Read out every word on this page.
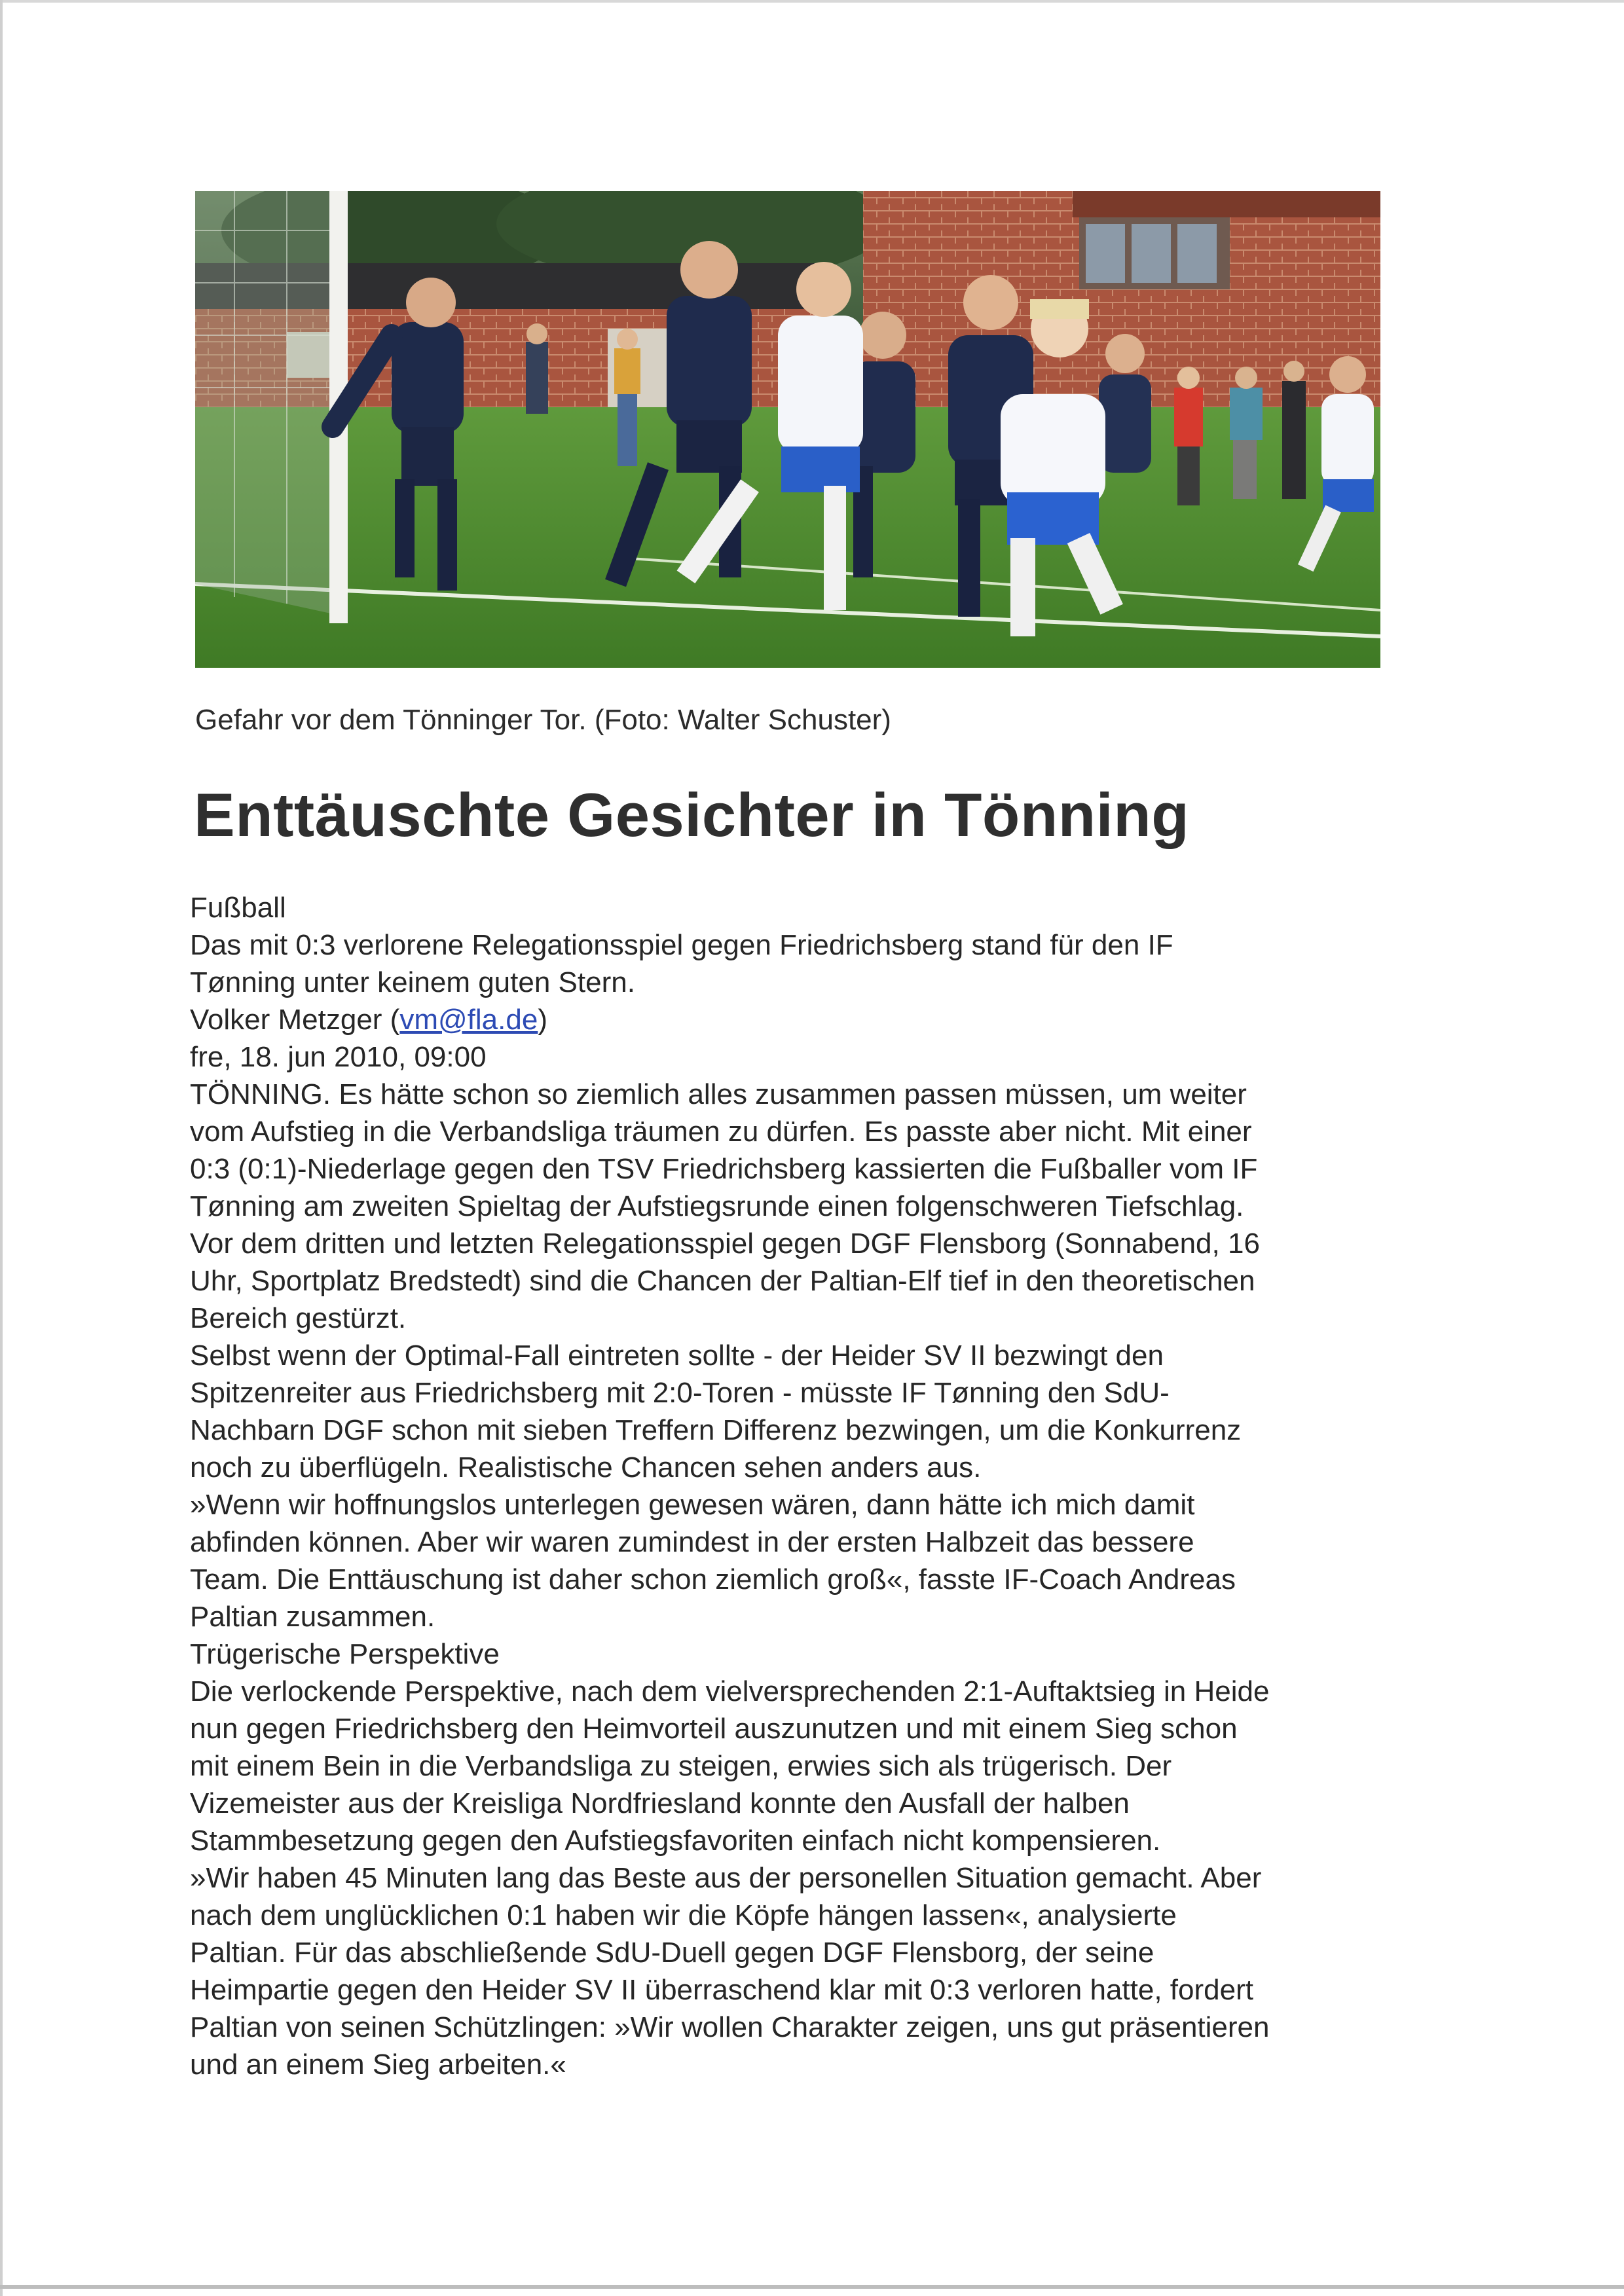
Gefahr vor dem Tönninger Tor. (Foto: Walter Schuster)
Enttäuschte Gesichter in Tönning
Fußball
Das mit 0:3 verlorene Relegationsspiel gegen Friedrichsberg stand für den IF
Tønning unter keinem guten Stern.
Volker Metzger (vm@fla.de)
fre, 18. jun 2010, 09:00
TÖNNING. Es hätte schon so ziemlich alles zusammen passen müssen, um weiter
vom Aufstieg in die Verbandsliga träumen zu dürfen. Es passte aber nicht. Mit einer
0:3 (0:1)-Niederlage gegen den TSV Friedrichsberg kassierten die Fußballer vom IF
Tønning am zweiten Spieltag der Aufstiegsrunde einen folgenschweren Tiefschlag.
Vor dem dritten und letzten Relegationsspiel gegen DGF Flensborg (Sonnabend, 16
Uhr, Sportplatz Bredstedt) sind die Chancen der Paltian-Elf tief in den theoretischen
Bereich gestürzt.
Selbst wenn der Optimal-Fall eintreten sollte - der Heider SV II bezwingt den
Spitzenreiter aus Friedrichsberg mit 2:0-Toren - müsste IF Tønning den SdU-
Nachbarn DGF schon mit sieben Treffern Differenz bezwingen, um die Konkurrenz
noch zu überflügeln. Realistische Chancen sehen anders aus.
»Wenn wir hoffnungslos unterlegen gewesen wären, dann hätte ich mich damit
abfinden können. Aber wir waren zumindest in der ersten Halbzeit das bessere
Team. Die Enttäuschung ist daher schon ziemlich groß«, fasste IF-Coach Andreas
Paltian zusammen.
Trügerische Perspektive
Die verlockende Perspektive, nach dem vielversprechenden 2:1-Auftaktsieg in Heide
nun gegen Friedrichsberg den Heimvorteil auszunutzen und mit einem Sieg schon
mit einem Bein in die Verbandsliga zu steigen, erwies sich als trügerisch. Der
Vizemeister aus der Kreisliga Nordfriesland konnte den Ausfall der halben
Stammbesetzung gegen den Aufstiegsfavoriten einfach nicht kompensieren.
»Wir haben 45 Minuten lang das Beste aus der personellen Situation gemacht. Aber
nach dem unglücklichen 0:1 haben wir die Köpfe hängen lassen«, analysierte
Paltian. Für das abschließende SdU-Duell gegen DGF Flensborg, der seine
Heimpartie gegen den Heider SV II überraschend klar mit 0:3 verloren hatte, fordert
Paltian von seinen Schützlingen: »Wir wollen Charakter zeigen, uns gut präsentieren
und an einem Sieg arbeiten.«
